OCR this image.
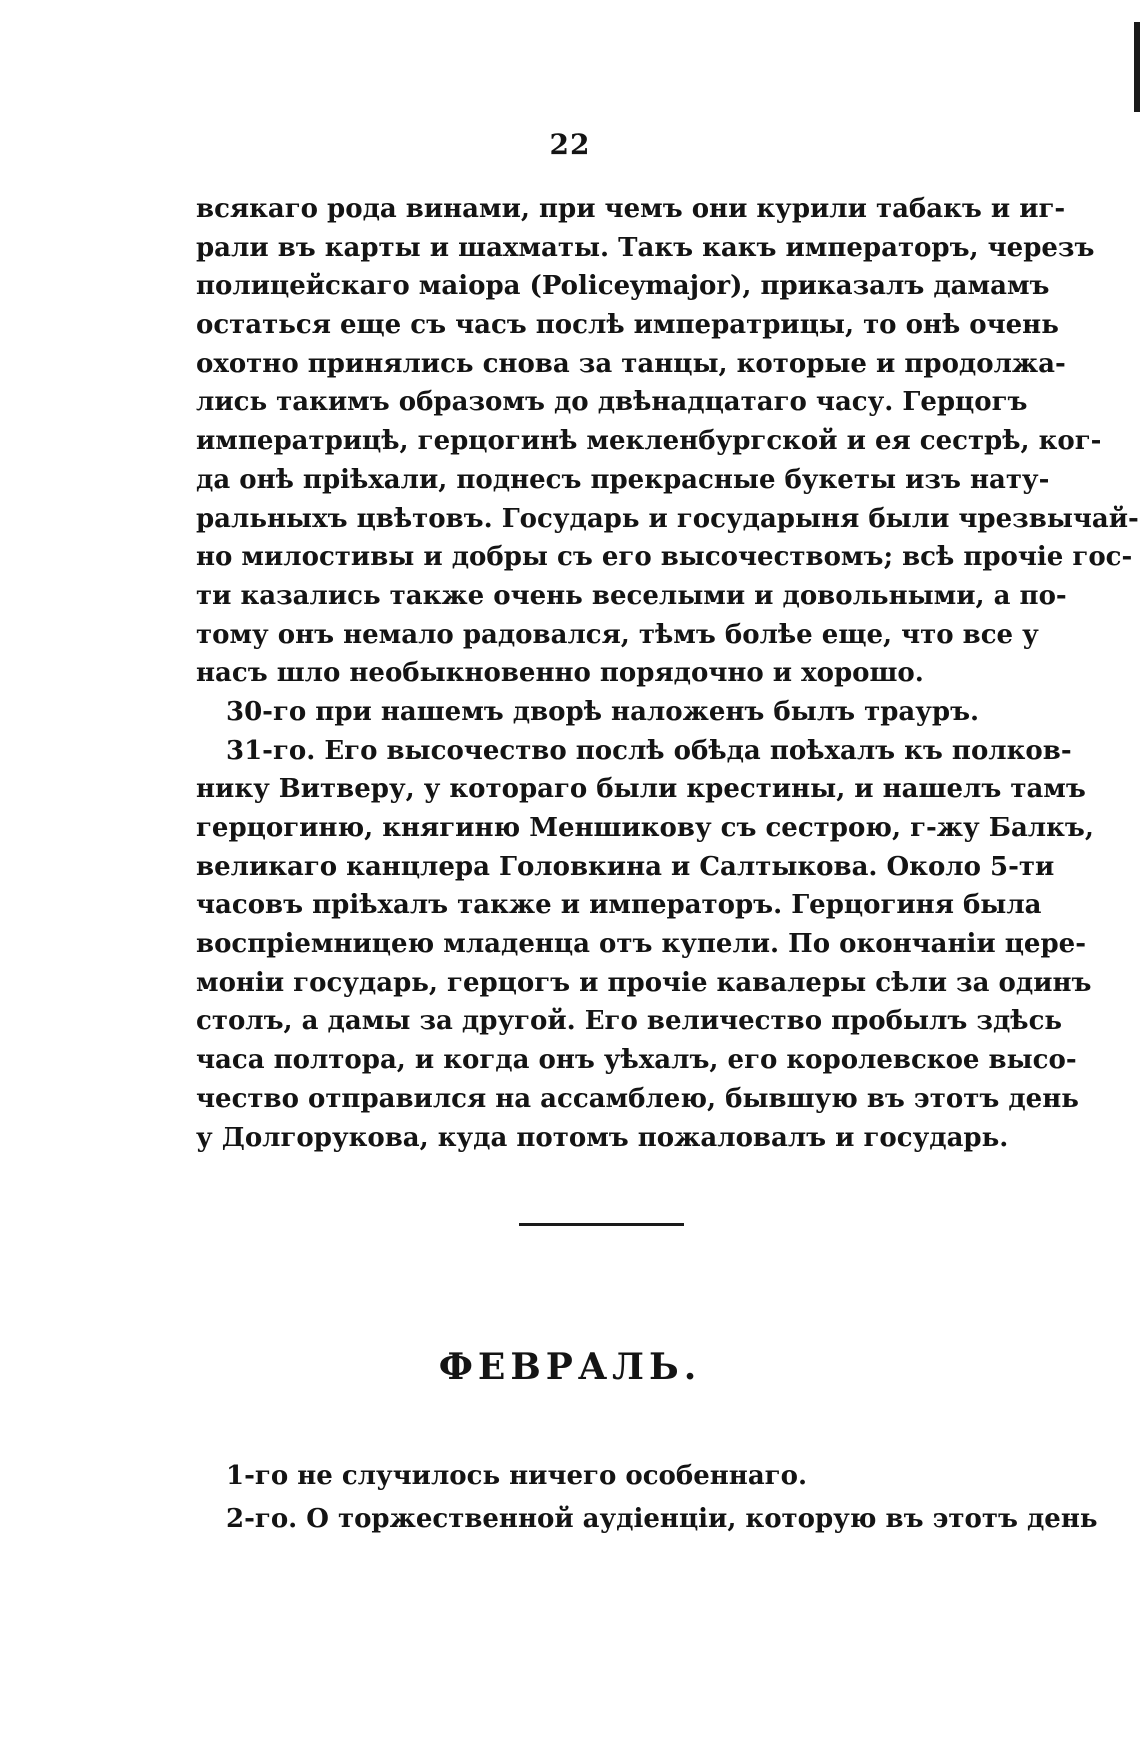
22
всякаго рода винами, при чемъ они курили табакъ и иг-
рали въ карты и шахматы. Такъ какъ императоръ, черезъ
полицейскаго маiора (Policeymajor), приказалъ дамамъ
остаться еще съ часъ послѣ императрицы, то онѣ очень
охотно принялись снова за танцы, которые и продолжа-
лись такимъ образомъ до двѣнадцатаго часу. Герцогъ
императрицѣ, герцогинѣ мекленбургской и ея сестрѣ, ког-
да онѣ прiѣхали, поднесъ прекрасные букеты изъ нату-
ральныхъ цвѣтовъ. Государь и государыня были чрезвычай-
но милостивы и добры съ его высочествомъ; всѣ прочiе гос-
ти казались также очень веселыми и довольными, а по-
тому онъ немало радовался, тѣмъ болѣе еще, что все у
насъ шло необыкновенно порядочно и хорошо.
30-го при нашемъ дворѣ наложенъ былъ трауръ.
31-го. Его высочество послѣ обѣда поѣхалъ къ полков-
нику Витверу, у котораго были крестины, и нашелъ тамъ
герцогиню, княгиню Меншикову съ сестрою, г-жу Балкъ,
великаго канцлера Головкина и Салтыкова. Около 5-ти
часовъ прiѣхалъ также и императоръ. Герцогиня была
воспрiемницею младенца отъ купели. По окончанiи цере-
монiи государь, герцогъ и прочiе кавалеры сѣли за одинъ
столъ, а дамы за другой. Его величество пробылъ здѣсь
часа полтора, и когда онъ уѣхалъ, его королевское высо-
чество отправился на ассамблею, бывшую въ этотъ день
у Долгорукова, куда потомъ пожаловалъ и государь.
ФЕВРАЛЬ.
1-го не случилось ничего особеннаго.
2-го. О торжественной аудiенцiи, которую въ этотъ день
